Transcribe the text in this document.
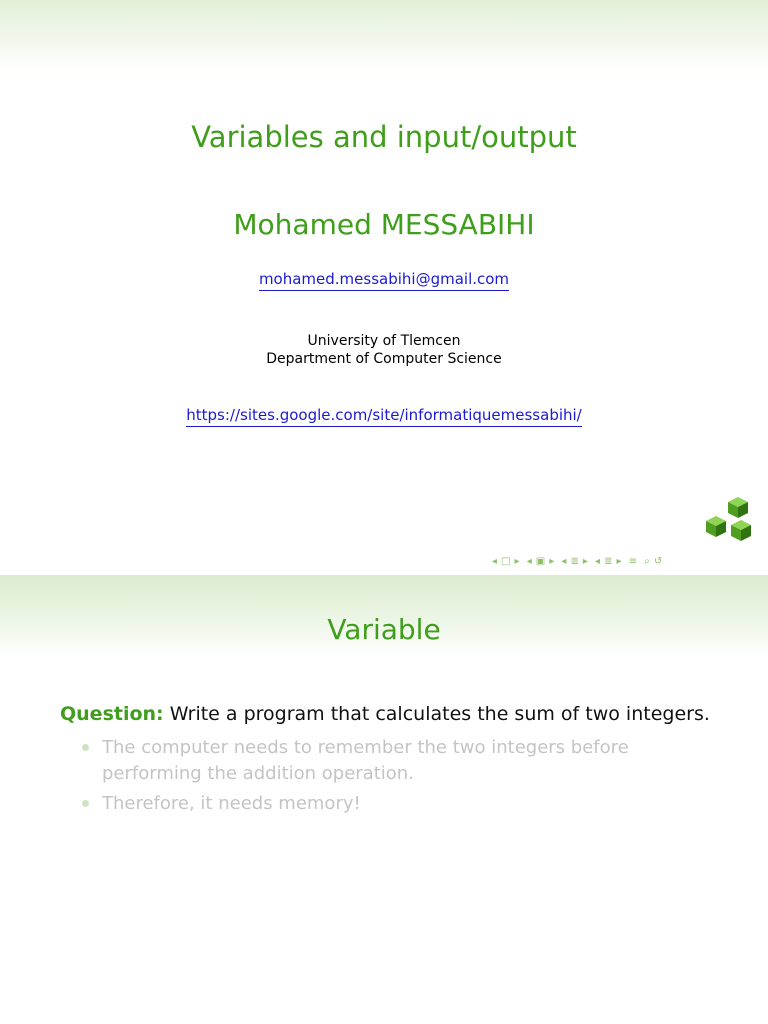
Variables and input/output
Mohamed MESSABIHI
mohamed.messabihi@gmail.com
University of Tlemcen
Department of Computer Science
https://sites.google.com/site/informatiquemessabihi/
◂ □ ▸ ◂ ▣ ▸ ◂ ≣ ▸ ◂ ≣ ▸ ≡ ⌕ ↺
Variable
Question: Write a program that calculates the sum of two integers.
The computer needs to remember the two integers before performing the addition operation.
Therefore, it needs memory!
